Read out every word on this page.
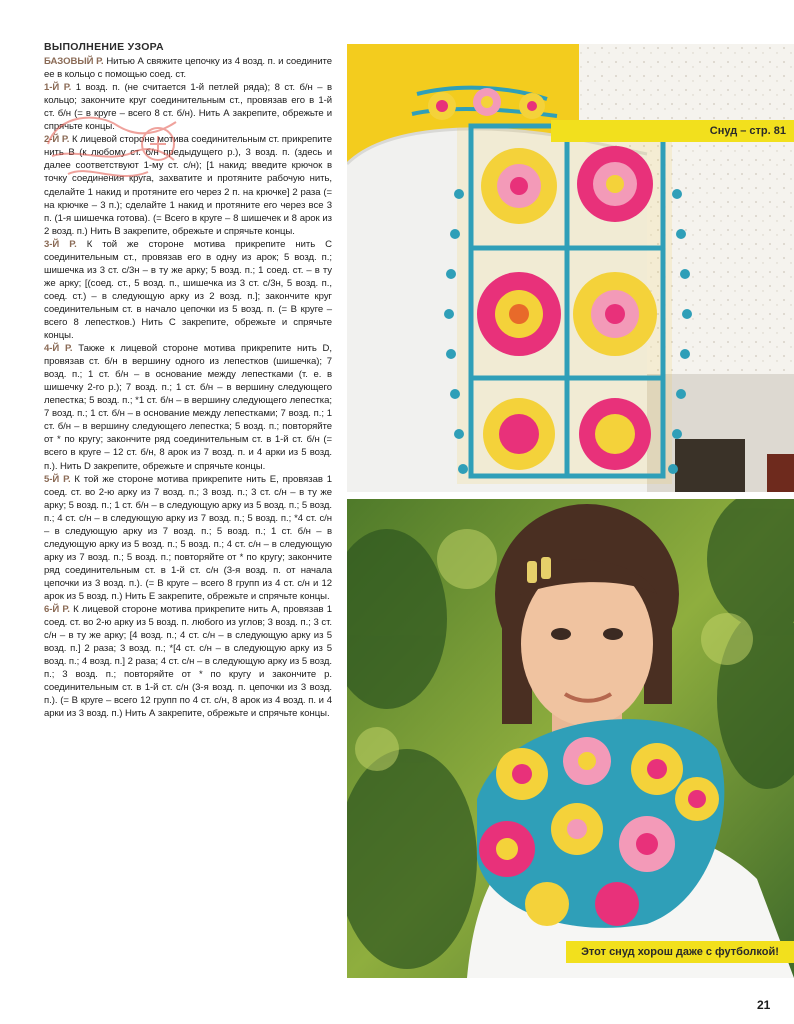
ВЫПОЛНЕНИЕ УЗОРА

БАЗОВЫЙ Р. Нитью А свяжите цепочку из 4 возд. п. и соедините ее в кольцо с помощью соед. ст.

1-Й Р. 1 возд. п. (не считается 1-й петлей ряда); 8 ст. б/н – в кольцо; закончите круг соединительным ст., провязав его в 1-й ст. б/н (= в круге – всего 8 ст. б/н). Нить А закрепите, обрежьте и спрячьте концы.

2-Й Р. К лицевой стороне мотива соединительным ст. прикрепите нить В (к любому ст. б/н предыдущего р.), 3 возд. п. (здесь и далее соответствуют 1-му ст. с/н); [1 накид; введите крючок в точку соединения круга, захватите и протяните рабочую нить, сделайте 1 накид и протяните его через 2 п. на крючке] 2 раза (= на крючке – 3 п.); сделайте 1 накид и протяните его через все 3 п. (1-я шишечка готова). (= Всего в круге – 8 шишечек и 8 арок из 2 возд. п.) Нить В закрепите, обрежьте и спрячьте концы.

3-Й Р. К той же стороне мотива прикрепите нить С соединительным ст., провязав его в одну из арок; 5 возд. п.; шишечка из 3 ст. с/3н – в ту же арку; 5 возд. п.; 1 соед. ст. – в ту же арку; [(соед. ст., 5 возд. п., шишечка из 3 ст. с/3н, 5 возд. п., соед. ст.) – в следующую арку из 2 возд. п.]; закончите круг соединительным ст. в начало цепочки из 5 возд. п. (= В круге – всего 8 лепестков.) Нить С закрепите, обрежьте и спрячьте концы.

4-Й Р. Также к лицевой стороне мотива прикрепите нить D, провязав ст. б/н в вершину одного из лепестков (шишечка); 7 возд. п.; 1 ст. б/н – в основание между лепестками (т. е. в шишечку 2-го р.); 7 возд. п.; 1 ст. б/н – в вершину следующего лепестка; 5 возд. п.; *1 ст. б/н – в вершину следующего лепестка; 7 возд. п.; 1 ст. б/н – в основание между лепестками; 7 возд. п.; 1 ст. б/н – в вершину следующего лепестка; 5 возд. п.; повторяйте от * по кругу; закончите ряд соединительным ст. в 1-й ст. б/н (= всего в круге – 12 ст. б/н, 8 арок из 7 возд. п. и 4 арки из 5 возд. п.). Нить D закрепите, обрежьте и спрячьте концы.

5-Й Р. К той же стороне мотива прикрепите нить Е, провязав 1 соед. ст. во 2-ю арку из 7 возд. п.; 3 возд. п.; 3 ст. с/н – в ту же арку; 5 возд. п.; 1 ст. б/н – в следующую арку из 5 возд. п.; 5 возд. п.; 4 ст. с/н – в следующую арку из 7 возд. п.; 5 возд. п.; *4 ст. с/н – в следующую арку из 7 возд. п.; 5 возд. п.; 1 ст. б/н – в следующую арку из 5 возд. п.; 5 возд. п.; 4 ст. с/н – в следующую арку из 7 возд. п.; 5 возд. п.; повторяйте от * по кругу; закончите ряд соединительным ст. в 1-й ст. с/н (3-я возд. п. от начала цепочки из 3 возд. п.). (= В круге – всего 8 групп из 4 ст. с/н и 12 арок из 5 возд. п.) Нить Е закрепите, обрежьте и спрячьте концы.

6-Й Р. К лицевой стороне мотива прикрепите нить А, провязав 1 соед. ст. во 2-ю арку из 5 возд. п. любого из углов; 3 возд. п.; 3 ст. с/н – в ту же арку; [4 возд. п.; 4 ст. с/н – в следующую арку из 5 возд. п.] 2 раза; 3 возд. п.; *[4 ст. с/н – в следующую арку из 5 возд. п.; 4 возд. п.] 2 раза; 4 ст. с/н – в следующую арку из 5 возд. п.; 3 возд. п.; повторяйте от * по кругу и закончите р. соединительным ст. в 1-й ст. с/н (3-я возд. п. цепочки из 3 возд. п.). (= В круге – всего 12 групп по 4 ст. с/н, 8 арок из 4 возд. п. и 4 арки из 3 возд. п.) Нить А закрепите, обрежьте и спрячьте концы.

Снуд – стр. 81
Этот снуд хорош даже с футболкой!
21
